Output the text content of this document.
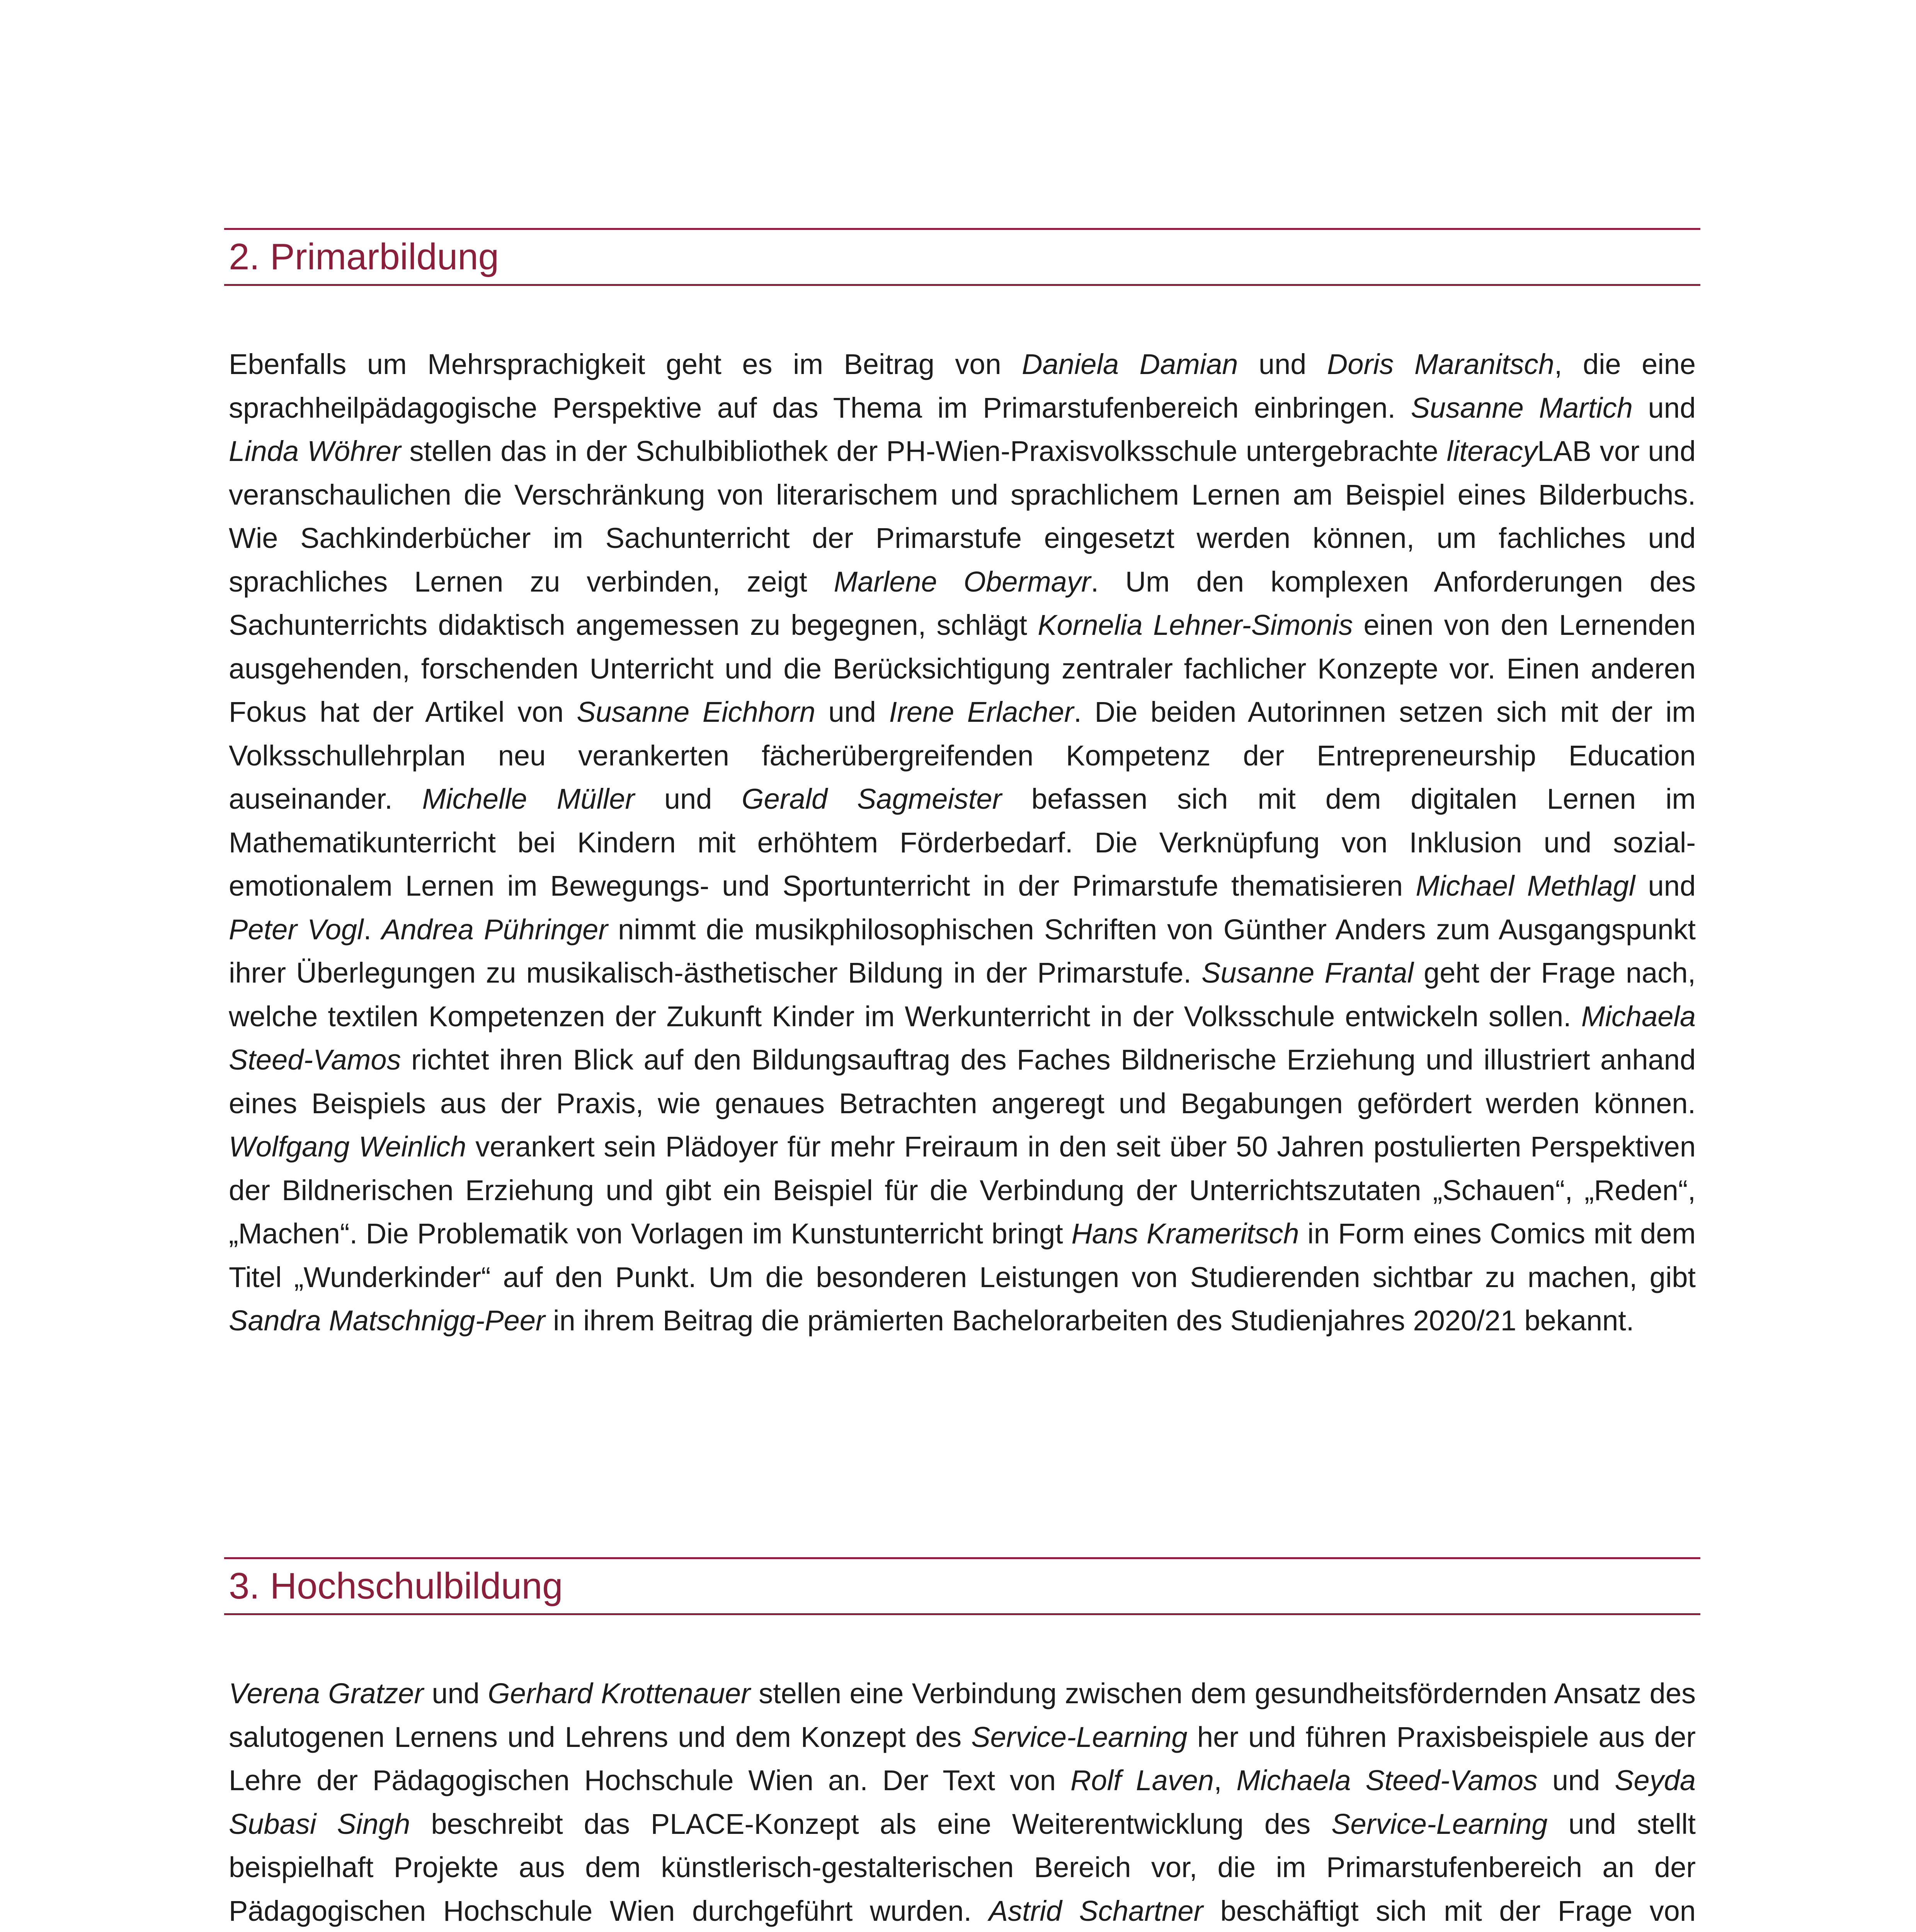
2. Primarbildung

Ebenfalls um Mehrsprachigkeit geht es im Beitrag von Daniela Damian und Doris Maranitsch, die eine sprachheilpädagogische Perspektive auf das Thema im Primarstufenbereich einbringen. Susanne Martich und Linda Wöhrer stellen das in der Schulbibliothek der PH-Wien-Praxisvolksschule untergebrachte literacyLAB vor und veranschaulichen die Verschränkung von literarischem und sprachlichem Lernen am Beispiel eines Bilderbuchs. Wie Sachkinderbücher im Sachunterricht der Primarstufe eingesetzt werden können, um fachliches und sprachliches Lernen zu verbinden, zeigt Marlene Obermayr. Um den komplexen Anforderungen des Sachunterrichts didaktisch angemessen zu begegnen, schlägt Kornelia Lehner-Simonis einen von den Lernenden ausgehenden, forschenden Unterricht und die Berücksichtigung zentraler fachlicher Konzepte vor. Einen anderen Fokus hat der Artikel von Susanne Eichhorn und Irene Erlacher. Die beiden Autorinnen setzen sich mit der im Volksschullehrplan neu verankerten fächerübergreifenden Kompetenz der Entrepreneurship Education auseinander. Michelle Müller und Gerald Sagmeister befassen sich mit dem digitalen Lernen im Mathematikunterricht bei Kindern mit erhöhtem Förderbedarf. Die Verknüpfung von Inklusion und sozial-emotionalem Lernen im Bewegungs- und Sportunterricht in der Primarstufe thematisieren Michael Methlagl und Peter Vogl. Andrea Pühringer nimmt die musikphilosophischen Schriften von Günther Anders zum Ausgangspunkt ihrer Überlegungen zu musikalisch-ästhetischer Bildung in der Primarstufe. Susanne Frantal geht der Frage nach, welche textilen Kompetenzen der Zukunft Kinder im Werkunterricht in der Volksschule entwickeln sollen. Michaela Steed-Vamos richtet ihren Blick auf den Bildungsauftrag des Faches Bildnerische Erziehung und illustriert anhand eines Beispiels aus der Praxis, wie genaues Betrachten angeregt und Begabungen gefördert werden können. Wolfgang Weinlich verankert sein Plädoyer für mehr Freiraum in den seit über 50 Jahren postulierten Perspektiven der Bildnerischen Erziehung und gibt ein Beispiel für die Verbindung der Unterrichtszutaten „Schauen“, „Reden“, „Machen“. Die Problematik von Vorlagen im Kunstunterricht bringt Hans Krameritsch in Form eines Comics mit dem Titel „Wunderkinder“ auf den Punkt. Um die besonderen Leistungen von Studierenden sichtbar zu machen, gibt Sandra Matschnigg-Peer in ihrem Beitrag die prämierten Bachelorarbeiten des Studienjahres 2020/21 bekannt.

3. Hochschulbildung

Verena Gratzer und Gerhard Krottenauer stellen eine Verbindung zwischen dem gesundheitsfördernden Ansatz des salutogenen Lernens und Lehrens und dem Konzept des Service-Learning her und führen Praxisbeispiele aus der Lehre der Pädagogischen Hochschule Wien an. Der Text von Rolf Laven, Michaela Steed-Vamos und Seyda Subasi Singh beschreibt das PLACE-Konzept als eine Weiterentwicklung des Service-Learning und stellt beispielhaft Projekte aus dem künstlerisch-gestalterischen Bereich vor, die im Primarstufenbereich an der Pädagogischen Hochschule Wien durchgeführt wurden. Astrid Schartner beschäftigt sich mit der Frage von
